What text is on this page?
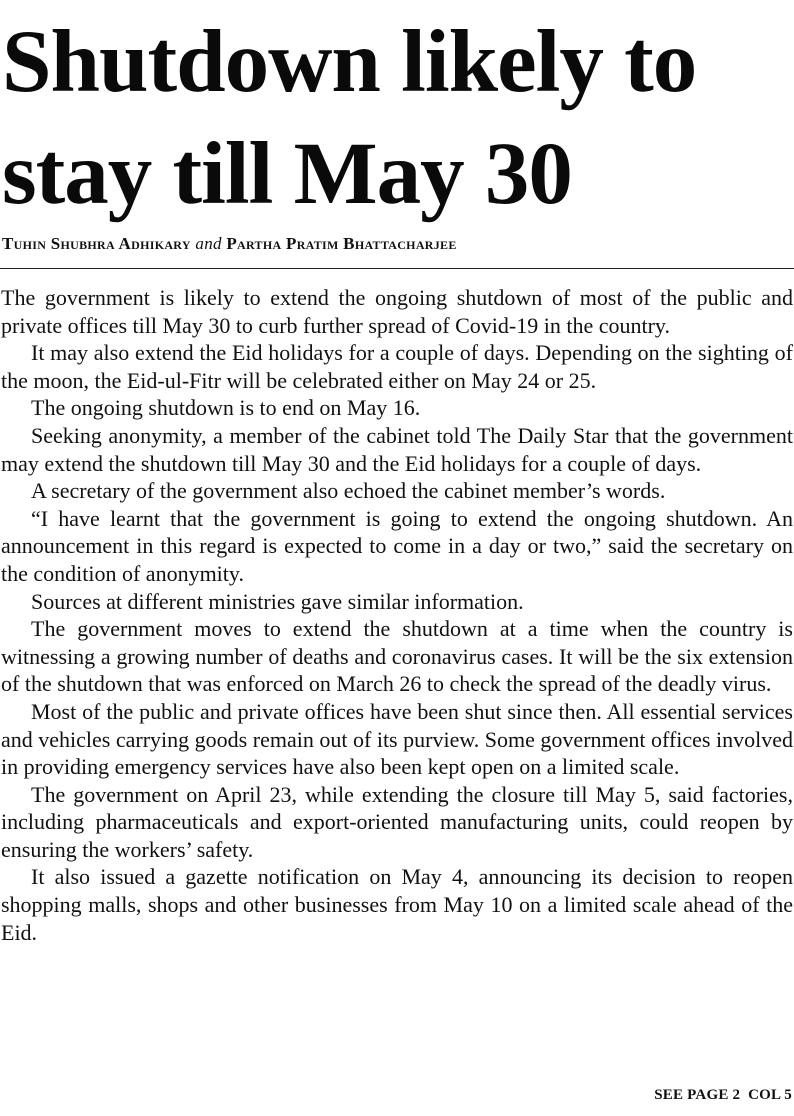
Shutdown likely to stay till May 30
Tuhin Shubhra Adhikary and Partha Pratim Bhattacharjee

The government is likely to extend the ongoing shutdown of most of the public and private offices till May 30 to curb further spread of Covid-19 in the country.

It may also extend the Eid holidays for a couple of days. Depending on the sighting of the moon, the Eid-ul-Fitr will be celebrated either on May 24 or 25.

The ongoing shutdown is to end on May 16.

Seeking anonymity, a member of the cabinet told The Daily Star that the government may extend the shutdown till May 30 and the Eid holidays for a couple of days.

A secretary of the government also echoed the cabinet member’s words.

“I have learnt that the government is going to extend the ongoing shutdown. An announcement in this regard is expected to come in a day or two,” said the secretary on the condition of anonymity.

Sources at different ministries gave similar information.

The government moves to extend the shutdown at a time when the country is witnessing a growing number of deaths and coronavirus cases. It will be the six extension of the shutdown that was enforced on March 26 to check the spread of the deadly virus.

Most of the public and private offices have been shut since then. All essential services and vehicles carrying goods remain out of its purview. Some government offices involved in providing emergency services have also been kept open on a limited scale.

The government on April 23, while extending the closure till May 5, said factories, including pharmaceuticals and export-oriented manufacturing units, could reopen by ensuring the workers’ safety.

It also issued a gazette notification on May 4, announcing its decision to reopen shopping malls, shops and other businesses from May 10 on a limited scale ahead of the Eid.

SEE PAGE 2  COL 5
